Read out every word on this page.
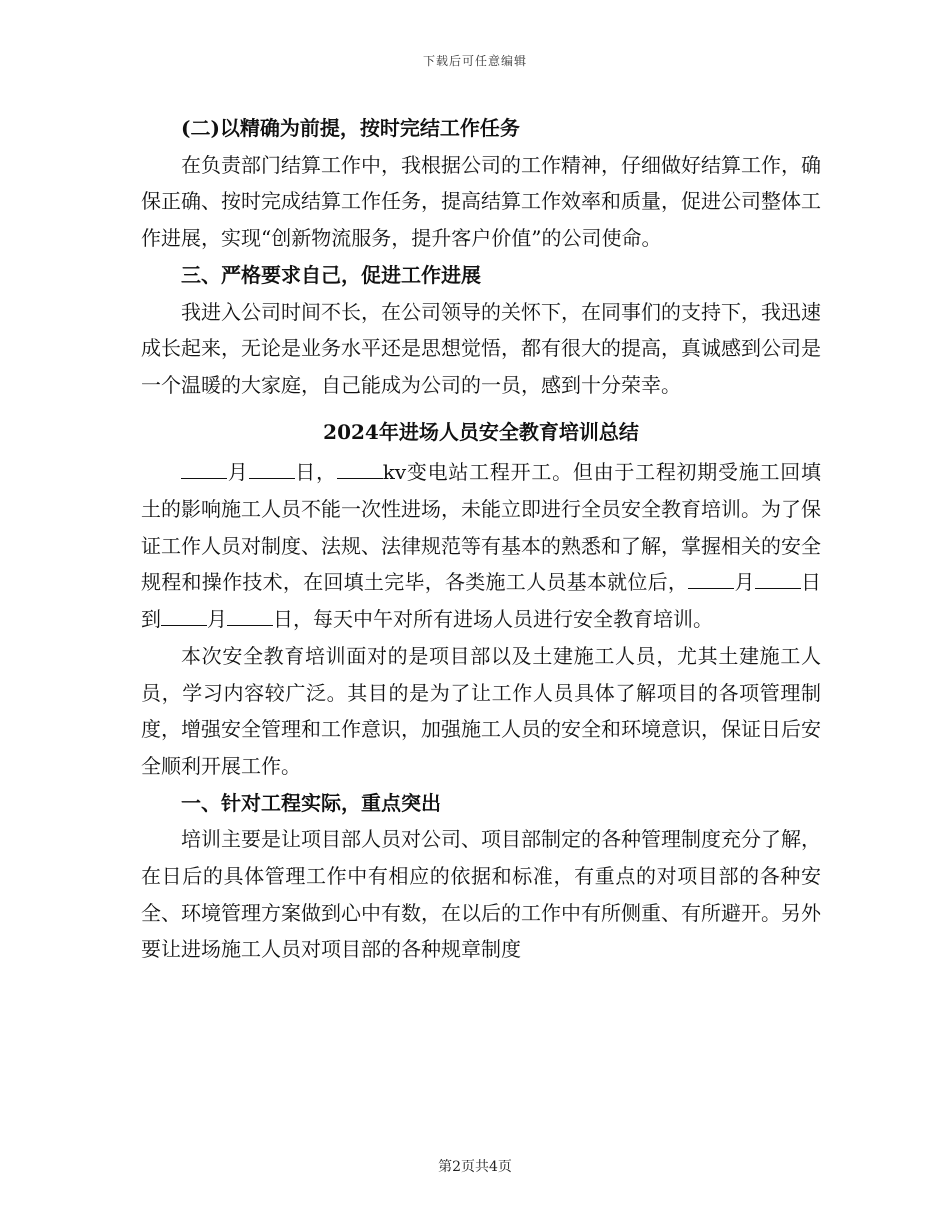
下载后可任意编辑

(二)以精确为前提，按时完结工作任务

在负责部门结算工作中，我根据公司的工作精神，仔细做好结算工作，确保正确、按时完成结算工作任务，提高结算工作效率和质量，促进公司整体工作进展，实现“创新物流服务，提升客户价值”的公司使命。

三、严格要求自己，促进工作进展

我进入公司时间不长，在公司领导的关怀下，在同事们的支持下，我迅速成长起来，无论是业务水平还是思想觉悟，都有很大的提高，真诚感到公司是一个温暖的大家庭，自己能成为公司的一员，感到十分荣幸。

2024年进场人员安全教育培训总结

月 日， kv变电站工程开工。但由于工程初期受施工回填土的影响施工人员不能一次性进场，未能立即进行全员安全教育培训。为了保证工作人员对制度、法规、法律规范等有基本的熟悉和了解，掌握相关的安全规程和操作技术，在回填土完毕，各类施工人员基本就位后， 月 日到 月 日，每天中午对所有进场人员进行安全教育培训。

本次安全教育培训面对的是项目部以及土建施工人员，尤其土建施工人员，学习内容较广泛。其目的是为了让工作人员具体了解项目的各项管理制度，增强安全管理和工作意识，加强施工人员的安全和环境意识，保证日后安全顺利开展工作。

一、针对工程实际，重点突出

培训主要是让项目部人员对公司、项目部制定的各种管理制度充分了解，在日后的具体管理工作中有相应的依据和标准，有重点的对项目部的各种安全、环境管理方案做到心中有数，在以后的工作中有所侧重、有所避开。另外要让进场施工人员对项目部的各种规章制度

第2页共4页
